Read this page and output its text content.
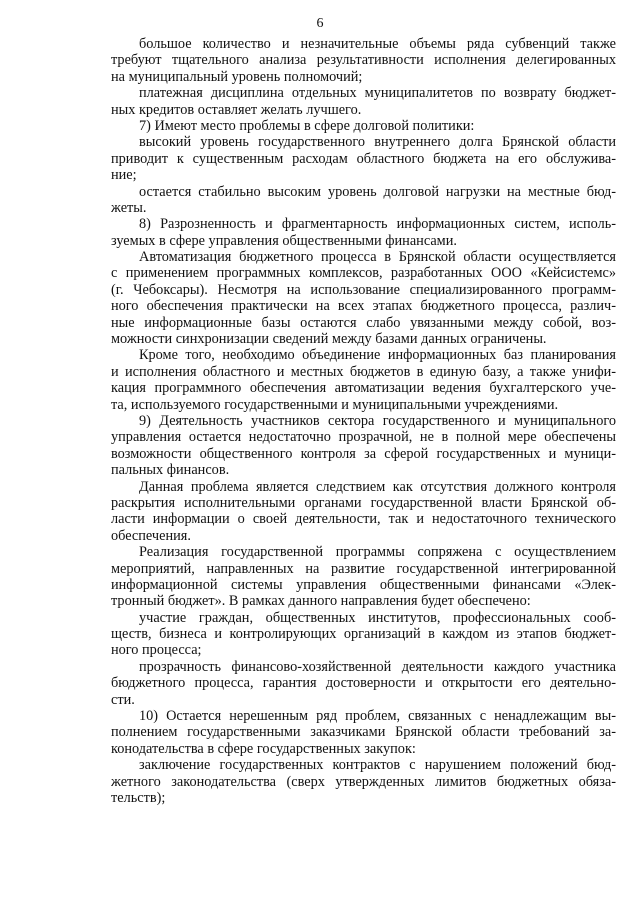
6
большое количество и незначительные объемы ряда субвенций также
требуют тщательного анализа результативности исполнения делегированных
на муниципальный уровень полномочий;
платежная дисциплина отдельных муниципалитетов по возврату бюджет-
ных кредитов оставляет желать лучшего.
7) Имеют место проблемы в сфере долговой политики:
высокий уровень государственного внутреннего долга Брянской области
приводит к существенным расходам областного бюджета на его обслужива-
ние;
остается стабильно высоким уровень долговой нагрузки на местные бюд-
жеты.
8) Разрозненность и фрагментарность информационных систем, исполь-
зуемых в сфере управления общественными финансами.
Автоматизация бюджетного процесса в Брянской области осуществляется
с применением программных комплексов, разработанных ООО «Кейсистемс»
(г. Чебоксары). Несмотря на использование специализированного программ-
ного обеспечения практически на всех этапах бюджетного процесса, различ-
ные информационные базы остаются слабо увязанными между собой, воз-
можности синхронизации сведений между базами данных ограничены.
Кроме того, необходимо объединение информационных баз планирования
и исполнения областного и местных бюджетов в единую базу, а также унифи-
кация программного обеспечения автоматизации ведения бухгалтерского уче-
та, используемого государственными и муниципальными учреждениями.
9) Деятельность участников сектора государственного и муниципального
управления остается недостаточно прозрачной, не в полной мере обеспечены
возможности общественного контроля за сферой государственных и муници-
пальных финансов.
Данная проблема является следствием как отсутствия должного контроля
раскрытия исполнительными органами государственной власти Брянской об-
ласти информации о своей деятельности, так и недостаточного технического
обеспечения.
Реализация государственной программы сопряжена с осуществлением
мероприятий, направленных на развитие государственной интегрированной
информационной системы управления общественными финансами «Элек-
тронный бюджет». В рамках данного направления будет обеспечено:
участие граждан, общественных институтов, профессиональных сооб-
ществ, бизнеса и контролирующих организаций в каждом из этапов бюджет-
ного процесса;
прозрачность финансово-хозяйственной деятельности каждого участника
бюджетного процесса, гарантия достоверности и открытости его деятельно-
сти.
10) Остается нерешенным ряд проблем, связанных с ненадлежащим вы-
полнением государственными заказчиками Брянской области требований за-
конодательства в сфере государственных закупок:
заключение государственных контрактов с нарушением положений бюд-
жетного законодательства (сверх утвержденных лимитов бюджетных обяза-
тельств);
